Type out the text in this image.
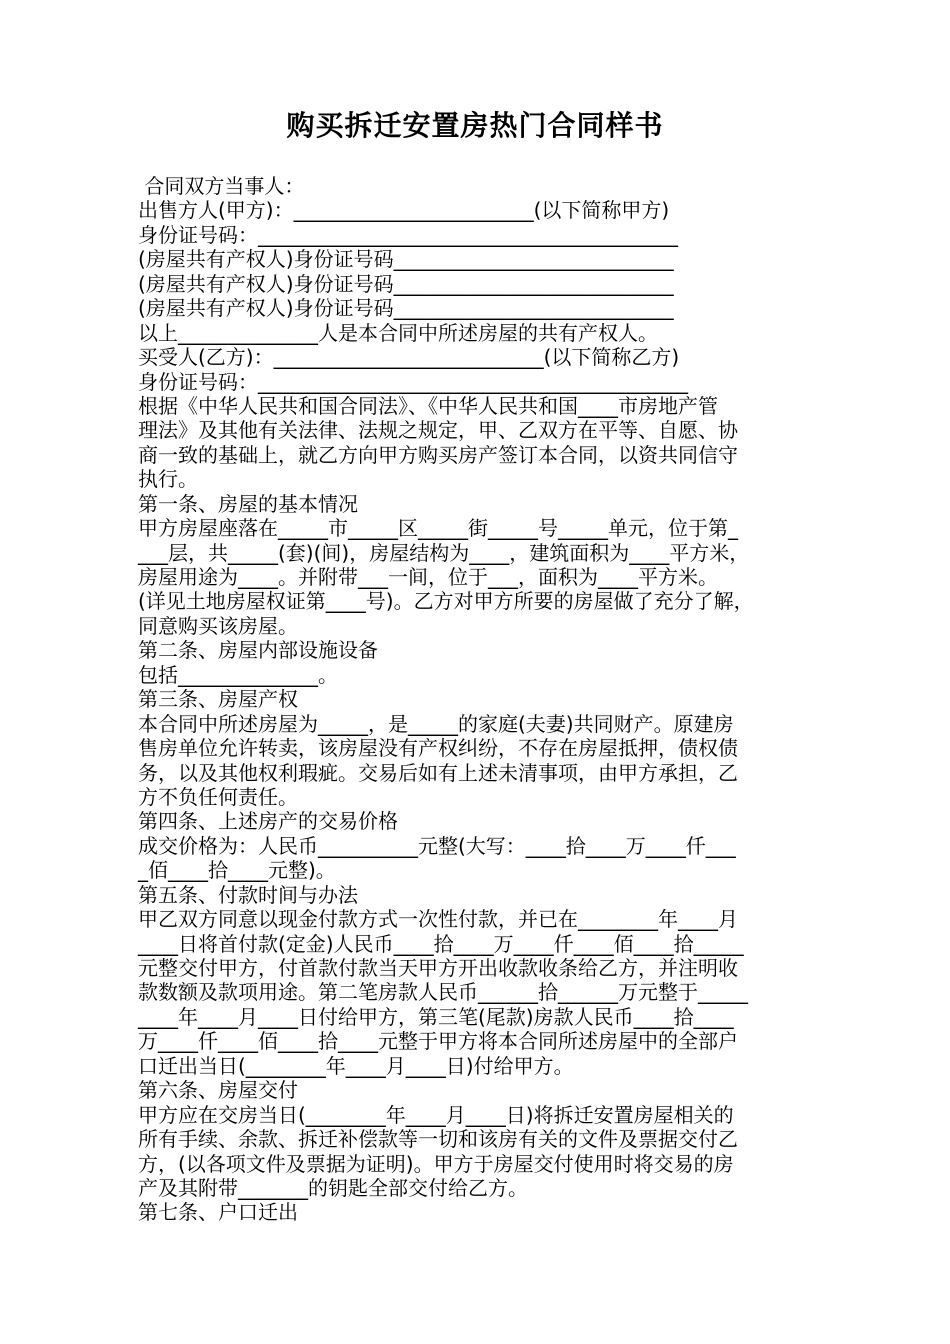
购买拆迁安置房热门合同样书
合同双方当事人：
出售方人(甲方)：________________________(以下简称甲方)
身份证号码：__________________________________________
(房屋共有产权人)身份证号码____________________________
(房屋共有产权人)身份证号码____________________________
(房屋共有产权人)身份证号码____________________________
以上______________人是本合同中所述房屋的共有产权人。
买受人(乙方)：___________________________(以下简称乙方)
身份证号码：___________________________________________
根据《中华人民共和国合同法》、《中华人民共和国____市房地产管
理法》及其他有关法律、法规之规定，甲、乙双方在平等、自愿、协
商一致的基础上，就乙方向甲方购买房产签订本合同，以资共同信守
执行。
第一条、房屋的基本情况
甲方房屋座落在_____市_____区_____街_____号_____单元，位于第_
___层，共_____(套)(间)，房屋结构为____，建筑面积为____平方米，
房屋用途为____。并附带___一间，位于___，面积为____平方米。
(详见土地房屋权证第____号)。乙方对甲方所要的房屋做了充分了解，
同意购买该房屋。
第二条、房屋内部设施设备
包括______________。
第三条、房屋产权
本合同中所述房屋为_____，是_____的家庭(夫妻)共同财产。原建房
售房单位允许转卖，该房屋没有产权纠纷，不存在房屋抵押，债权债
务，以及其他权利瑕疵。交易后如有上述未清事项，由甲方承担，乙
方不负任何责任。
第四条、上述房产的交易价格
成交价格为：人民币__________元整(大写：____拾____万____仟___
_佰____拾____元整)。
第五条、付款时间与办法
甲乙双方同意以现金付款方式一次性付款，并已在________年____月
____日将首付款(定金)人民币____拾____万____仟____佰____拾_____
元整交付甲方，付首款付款当天甲方开出收款收条给乙方，并注明收
款数额及款项用途。第二笔房款人民币______拾______万元整于_____
____年____月____日付给甲方，第三笔(尾款)房款人民币____拾____
万____仟____佰____拾____元整于甲方将本合同所述房屋中的全部户
口迁出当日(________年____月____日)付给甲方。
第六条、房屋交付
甲方应在交房当日(________年____月____日)将拆迁安置房屋相关的
所有手续、余款、拆迁补偿款等一切和该房有关的文件及票据交付乙
方，(以各项文件及票据为证明)。甲方于房屋交付使用时将交易的房
产及其附带_______的钥匙全部交付给乙方。
第七条、户口迁出
